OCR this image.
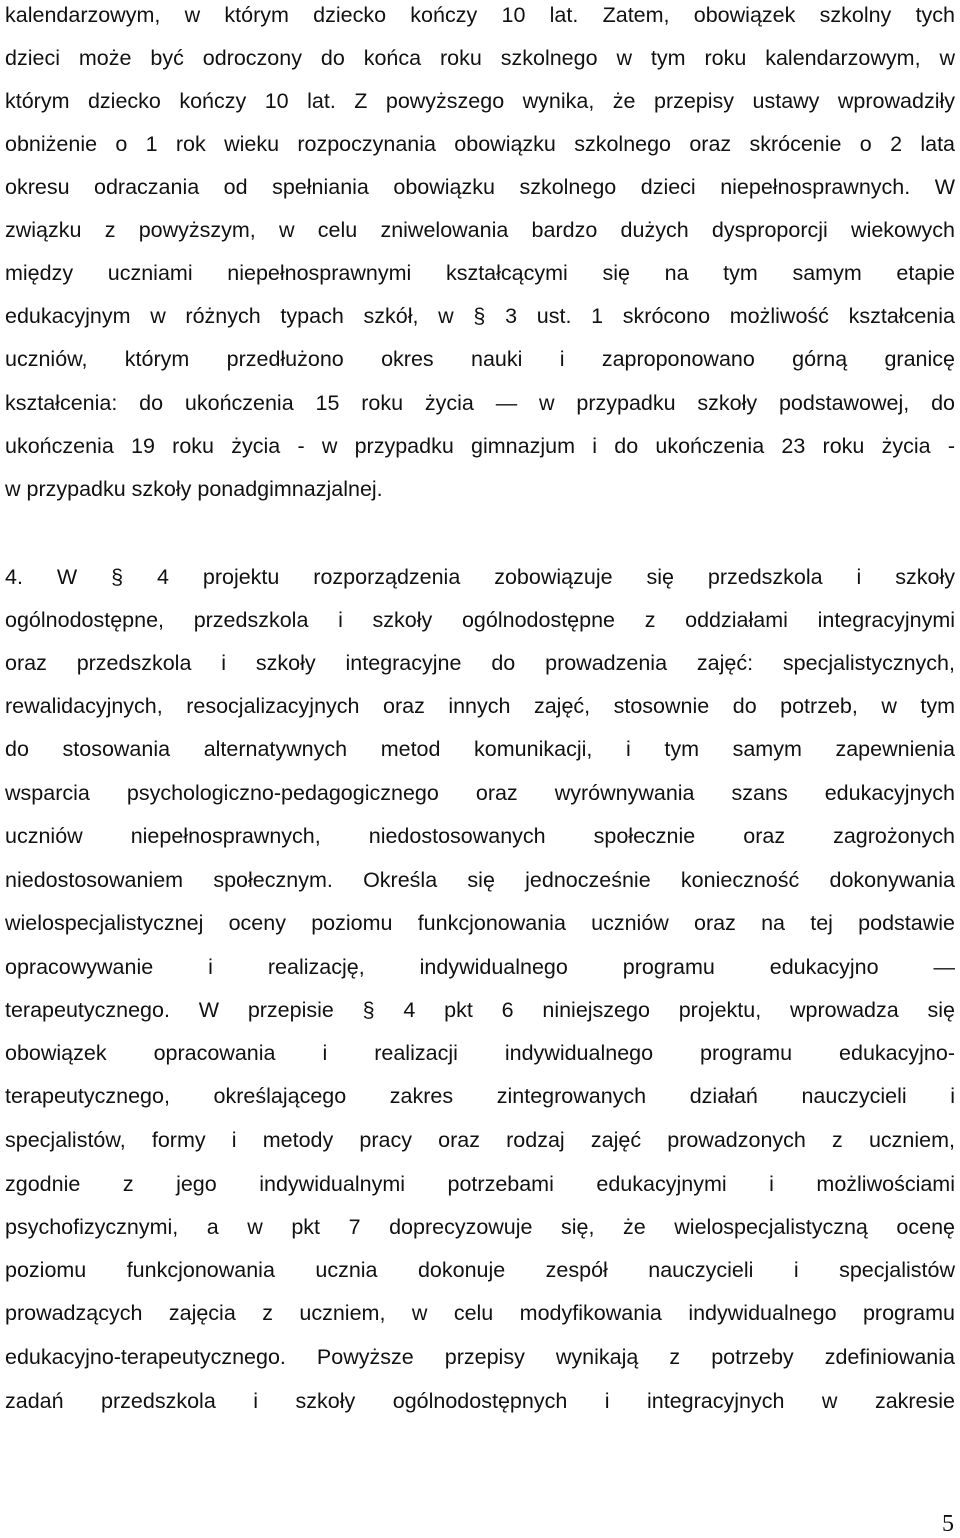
kalendarzowym, w którym dziecko kończy 10 lat. Zatem, obowiązek szkolny tych
dzieci może być odroczony do końca roku szkolnego w tym roku kalendarzowym, w
którym dziecko kończy 10 lat. Z powyższego wynika, że przepisy ustawy wprowadziły
obniżenie o 1 rok wieku rozpoczynania obowiązku szkolnego oraz skrócenie o 2 lata
okresu odraczania od spełniania obowiązku szkolnego dzieci niepełnosprawnych. W
związku z powyższym, w celu zniwelowania bardzo dużych dysproporcji wiekowych
między uczniami niepełnosprawnymi kształcącymi się na tym samym etapie
edukacyjnym w różnych typach szkół, w § 3 ust. 1 skrócono możliwość kształcenia
uczniów, którym przedłużono okres nauki i zaproponowano górną granicę
kształcenia: do ukończenia 15 roku życia — w przypadku szkoły podstawowej, do
ukończenia 19 roku życia - w przypadku gimnazjum i do ukończenia 23 roku życia -
w przypadku szkoły ponadgimnazjalnej.
4. W § 4 projektu rozporządzenia zobowiązuje się przedszkola i szkoły
ogólnodostępne, przedszkola i szkoły ogólnodostępne z oddziałami integracyjnymi
oraz przedszkola i szkoły integracyjne do prowadzenia zajęć: specjalistycznych,
rewalidacyjnych, resocjalizacyjnych oraz innych zajęć, stosownie do potrzeb, w tym
do stosowania alternatywnych metod komunikacji, i tym samym zapewnienia
wsparcia psychologiczno-pedagogicznego oraz wyrównywania szans edukacyjnych
uczniów niepełnosprawnych, niedostosowanych społecznie oraz zagrożonych
niedostosowaniem społecznym. Określa się jednocześnie konieczność dokonywania
wielospecjalistycznej oceny poziomu funkcjonowania uczniów oraz na tej podstawie
opracowywanie i realizację, indywidualnego programu edukacyjno —
terapeutycznego. W przepisie § 4 pkt 6 niniejszego projektu, wprowadza się
obowiązek opracowania i realizacji indywidualnego programu edukacyjno-
terapeutycznego, określającego zakres zintegrowanych działań nauczycieli i
specjalistów, formy i metody pracy oraz rodzaj zajęć prowadzonych z uczniem,
zgodnie z jego indywidualnymi potrzebami edukacyjnymi i możliwościami
psychofizycznymi, a w pkt 7 doprecyzowuje się, że wielospecjalistyczną ocenę
poziomu funkcjonowania ucznia dokonuje zespół nauczycieli i specjalistów
prowadzących zajęcia z uczniem, w celu modyfikowania indywidualnego programu
edukacyjno-terapeutycznego. Powyższe przepisy wynikają z potrzeby zdefiniowania
zadań przedszkola i szkoły ogólnodostępnych i integracyjnych w zakresie
5
